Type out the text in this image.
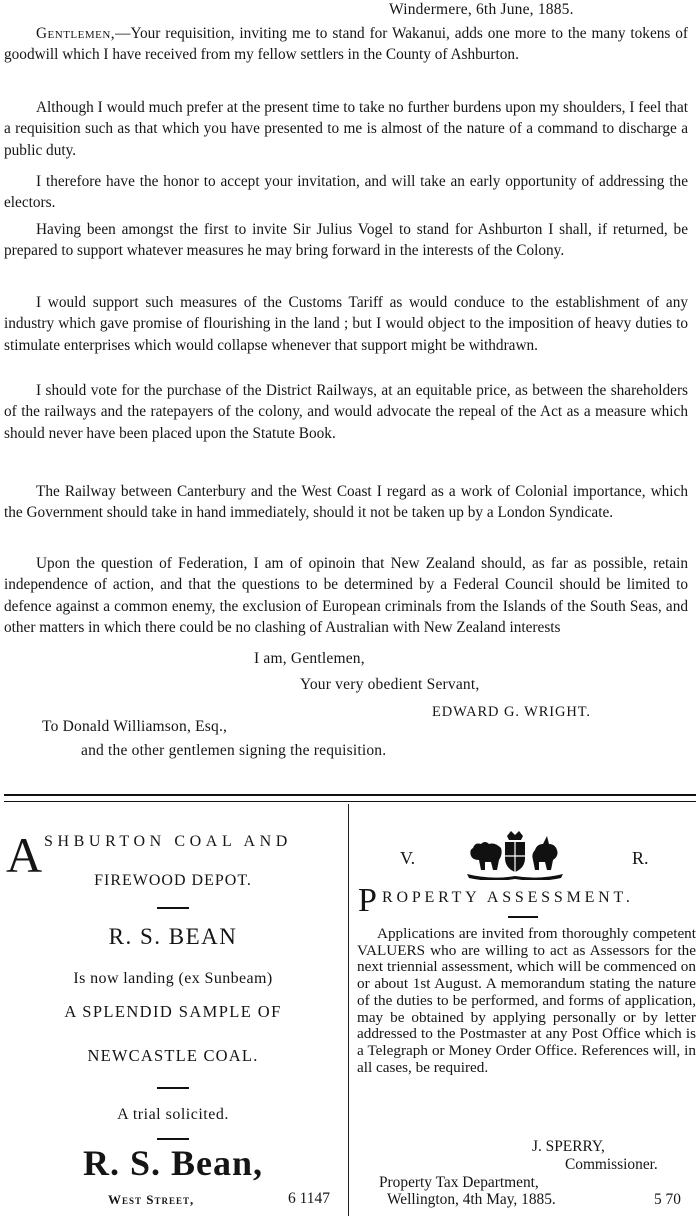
Windermere, 6th June, 1885.

Gentlemen,—Your requisition, inviting me to stand for Wakanui, adds one more to the many tokens of goodwill which I have received from my fellow settlers in the County of Ashburton.

Although I would much prefer at the present time to take no further burdens upon my shoulders, I feel that a requisition such as that which you have presented to me is almost of the nature of a command to discharge a public duty.

I therefore have the honor to accept your invitation, and will take an early opportunity of addressing the electors.

Having been amongst the first to invite Sir Julius Vogel to stand for Ashburton I shall, if returned, be prepared to support whatever measures he may bring forward in the interests of the Colony.

I would support such measures of the Customs Tariff as would conduce to the establishment of any industry which gave promise of flourishing in the land ; but I would object to the imposition of heavy duties to stimulate enterprises which would collapse whenever that support might be withdrawn.

I should vote for the purchase of the District Railways, at an equitable price, as between the shareholders of the railways and the ratepayers of the colony, and would advocate the repeal of the Act as a measure which should never have been placed upon the Statute Book.

The Railway between Canterbury and the West Coast I regard as a work of Colonial importance, which the Government should take in hand immediately, should it not be taken up by a London Syndicate.

Upon the question of Federation, I am of opinoin that New Zealand should, as far as possible, retain independence of action, and that the questions to be determined by a Federal Council should be limited to defence against a common enemy, the exclusion of European criminals from the Islands of the South Seas, and other matters in which there could be no clashing of Australian with New Zealand interests

I am, Gentlemen,
Your very obedient Servant,
EDWARD G. WRIGHT.
To Donald Williamson, Esq.,
and the other gentlemen signing the requisition.
A SHBURTON COAL AND
FIREWOOD DEPOT.
R. S. BEAN
Is now landing (ex Sunbeam)
A SPLENDID SAMPLE OF
NEWCASTLE COAL.
A trial solicited.
R. S. Bean,
West Street,	6 1147
V.	R.
P ROPERTY ASSESSMENT.

Applications are invited from thoroughly competent VALUERS who are willing to act as Assessors for the next triennial assessment, which will be commenced on or about 1st August. A memorandum stating the nature of the duties to be performed, and forms of application, may be obtained by applying personally or by letter addressed to the Postmaster at any Post Office which is a Telegraph or Money Order Office. References will, in all cases, be required.

J. SPERRY,
Commissioner.
Property Tax Department,
Wellington, 4th May, 1885.	5 70
